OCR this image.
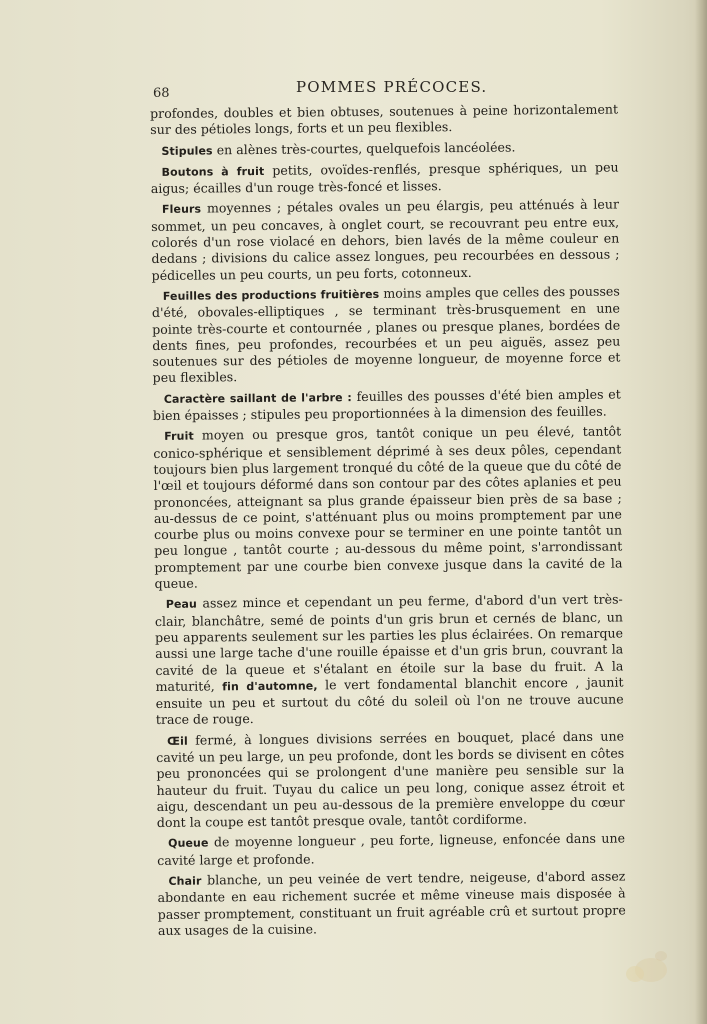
68	POMMES PRÉCOCES.

profondes, doubles et bien obtuses, soutenues à peine horizontalement sur des pétioles longs, forts et un peu flexibles.

Stipules en alènes très-courtes, quelquefois lancéolées.

Boutons à fruit petits, ovoïdes-renflés, presque sphériques, un peu aigus; écailles d'un rouge très-foncé et lisses.

Fleurs moyennes ; pétales ovales un peu élargis, peu atténués à leur sommet, un peu concaves, à onglet court, se recouvrant peu entre eux, colorés d'un rose violacé en dehors, bien lavés de la même couleur en dedans ; divisions du calice assez longues, peu recourbées en dessous ; pédicelles un peu courts, un peu forts, cotonneux.

Feuilles des productions fruitières moins amples que celles des pousses d'été, obovales-elliptiques , se terminant très-brusquement en une pointe très-courte et contournée , planes ou presque planes, bordées de dents fines, peu profondes, recourbées et un peu aiguës, assez peu soutenues sur des pétioles de moyenne longueur, de moyenne force et peu flexibles.

Caractère saillant de l'arbre : feuilles des pousses d'été bien amples et bien épaisses ; stipules peu proportionnées à la dimension des feuilles.

Fruit moyen ou presque gros, tantôt conique un peu élevé, tantôt conico-sphérique et sensiblement déprimé à ses deux pôles, cependant toujours bien plus largement tronqué du côté de la queue que du côté de l'œil et toujours déformé dans son contour par des côtes aplanies et peu prononcées, atteignant sa plus grande épaisseur bien près de sa base ; au-dessus de ce point, s'atténuant plus ou moins promptement par une courbe plus ou moins convexe pour se terminer en une pointe tantôt un peu longue , tantôt courte ; au-dessous du même point, s'arrondissant promptement par une courbe bien convexe jusque dans la cavité de la queue.

Peau assez mince et cependant un peu ferme, d'abord d'un vert très-clair, blanchâtre, semé de points d'un gris brun et cernés de blanc, un peu apparents seulement sur les parties les plus éclairées. On remarque aussi une large tache d'une rouille épaisse et d'un gris brun, couvrant la cavité de la queue et s'étalant en étoile sur la base du fruit. A la maturité, fin d'automne, le vert fondamental blanchit encore , jaunit ensuite un peu et surtout du côté du soleil où l'on ne trouve aucune trace de rouge.

Œil fermé, à longues divisions serrées en bouquet, placé dans une cavité un peu large, un peu profonde, dont les bords se divisent en côtes peu prononcées qui se prolongent d'une manière peu sensible sur la hauteur du fruit. Tuyau du calice un peu long, conique assez étroit et aigu, descendant un peu au-dessous de la première enveloppe du cœur dont la coupe est tantôt presque ovale, tantôt cordiforme.

Queue de moyenne longueur , peu forte, ligneuse, enfoncée dans une cavité large et profonde.

Chair blanche, un peu veinée de vert tendre, neigeuse, d'abord assez abondante en eau richement sucrée et même vineuse mais disposée à passer promptement, constituant un fruit agréable crû et surtout propre aux usages de la cuisine.
